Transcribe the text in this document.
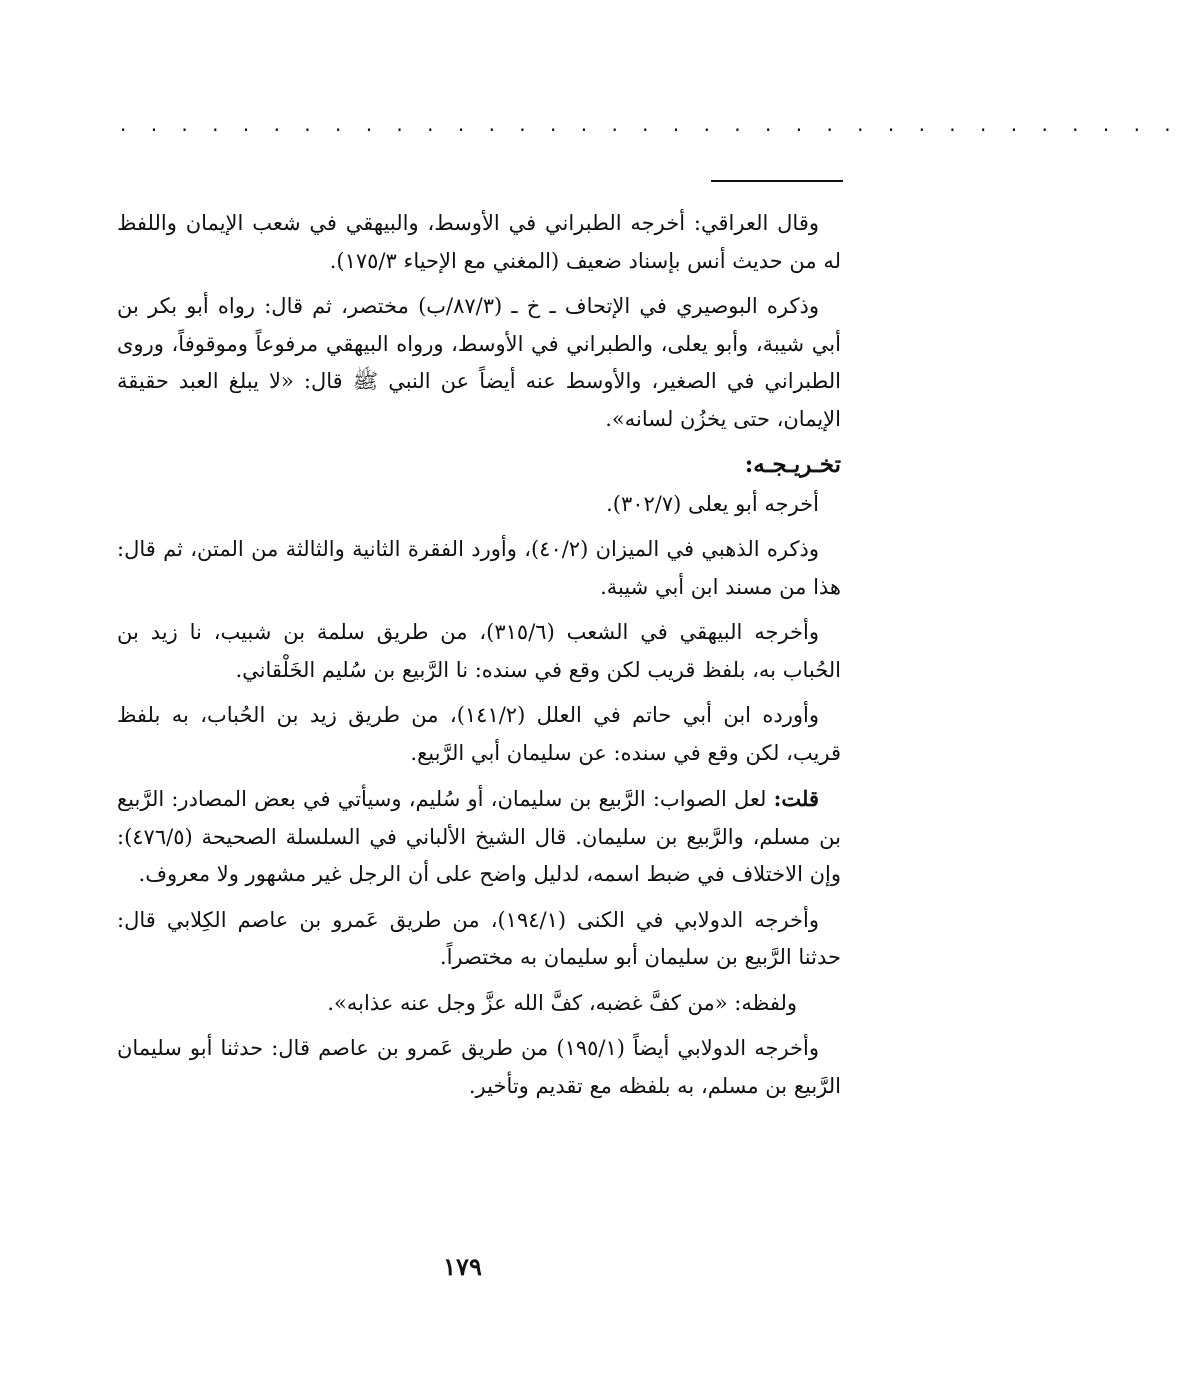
. . . . . . . . . . . . . . . . . . . . . . . . . . . . . . . . . . .

وقال العراقي: أخرجه الطبراني في الأوسط، والبيهقي في شعب الإيمان واللفظ له من حديث أنس بإسناد ضعيف (المغني مع الإحياء ١٧٥/٣).

وذكره البوصيري في الإتحاف ـ خ ـ (٨٧/٣/ب) مختصر، ثم قال: رواه أبو بكر بن أبي شيبة، وأبو يعلى، والطبراني في الأوسط، ورواه البيهقي مرفوعاً وموقوفاً، وروى الطبراني في الصغير، والأوسط عنه أيضاً عن النبي ﷺ قال: «لا يبلغ العبد حقيقة الإيمان، حتى يخزُن لسانه».

تخـريـجـه:

أخرجه أبو يعلى (٣٠٢/٧).

وذكره الذهبي في الميزان (٤٠/٢)، وأورد الفقرة الثانية والثالثة من المتن، ثم قال: هذا من مسند ابن أبي شيبة.

وأخرجه البيهقي في الشعب (٣١٥/٦)، من طريق سلمة بن شبيب، نا زيد بن الحُباب به، بلفظ قريب لكن وقع في سنده: نا الرَّبيع بن سُليم الخَلْقاني.

وأورده ابن أبي حاتم في العلل (١٤١/٢)، من طريق زيد بن الحُباب، به بلفظ قريب، لكن وقع في سنده: عن سليمان أبي الرَّبيع.

قلت: لعل الصواب: الرَّبيع بن سليمان، أو سُليم، وسيأتي في بعض المصادر: الرَّبيع بن مسلم، والرَّبيع بن سليمان. قال الشيخ الألباني في السلسلة الصحيحة (٤٧٦/٥): وإن الاختلاف في ضبط اسمه، لدليل واضح على أن الرجل غير مشهور ولا معروف.

وأخرجه الدولابي في الكنى (١٩٤/١)، من طريق عَمرو بن عاصم الكِلابي قال: حدثنا الرَّبيع بن سليمان أبو سليمان به مختصراً.

ولفظه: «من كفَّ غضبه، كفَّ الله عزَّ وجل عنه عذابه».

وأخرجه الدولابي أيضاً (١٩٥/١) من طريق عَمرو بن عاصم قال: حدثنا أبو سليمان الرَّبيع بن مسلم، به بلفظه مع تقديم وتأخير.

١٧٩
